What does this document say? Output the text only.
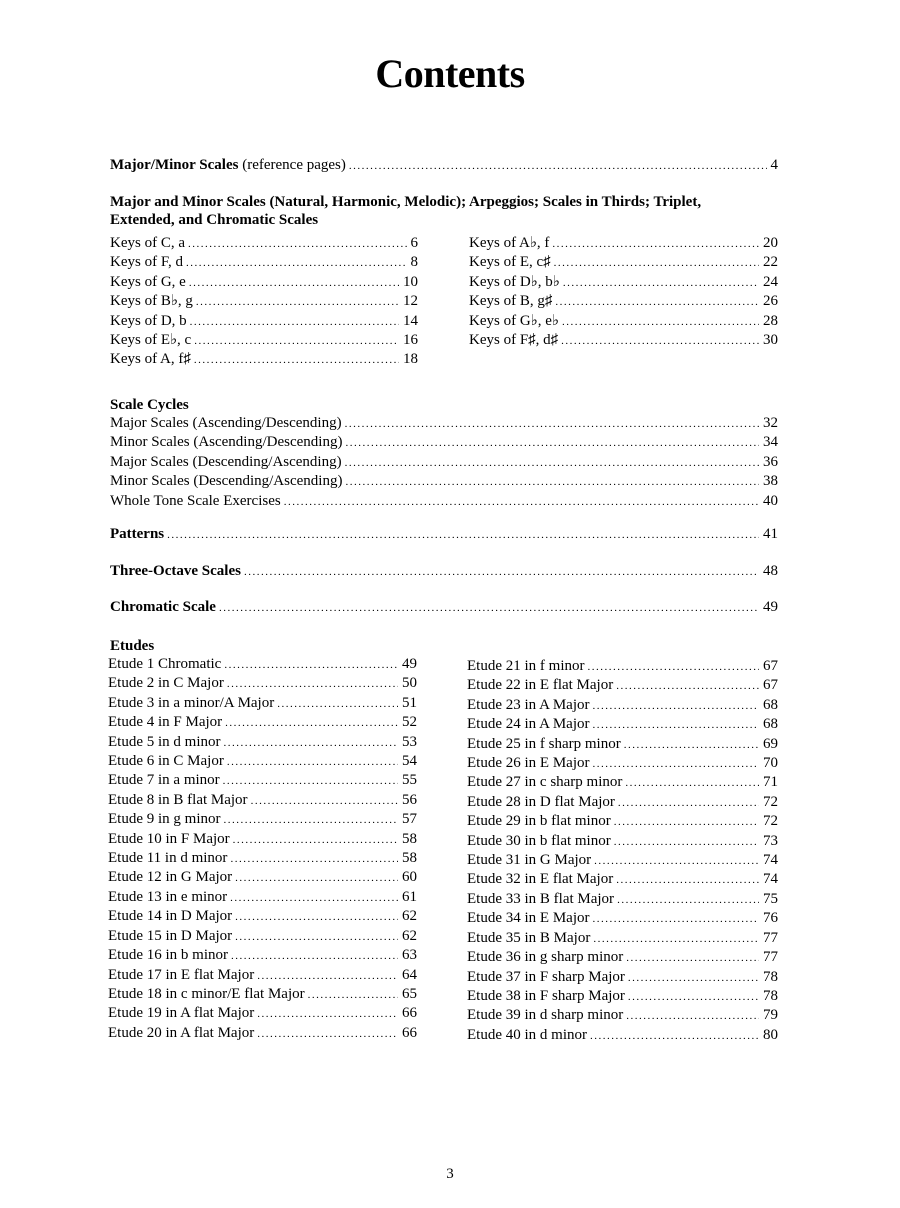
Contents
Major/Minor Scales (reference pages) .....	4
Major and Minor Scales (Natural, Harmonic, Melodic); Arpeggios; Scales in Thirds; Triplet,
Extended, and Chromatic Scales
Keys of C, a .....	6
Keys of F, d .....	8
Keys of G, e .....	10
Keys of B♭, g .....	12
Keys of D, b .....	14
Keys of E♭, c .....	16
Keys of A, f♯ .....	18
Keys of A♭, f .....	20
Keys of E, c♯ .....	22
Keys of D♭, b♭ .....	24
Keys of B, g♯ .....	26
Keys of G♭, e♭ .....	28
Keys of F♯, d♯ .....	30
Scale Cycles
Major Scales (Ascending/Descending) .....	32
Minor Scales (Ascending/Descending) .....	34
Major Scales (Descending/Ascending) .....	36
Minor Scales (Descending/Ascending) .....	38
Whole Tone Scale Exercises .....	40
Patterns .....	41
Three-Octave Scales .....	48
Chromatic Scale .....	49
Etudes
Etude 1 Chromatic .....	49
Etude 2 in C Major .....	50
Etude 3 in a minor/A Major .....	51
Etude 4 in F Major .....	52
Etude 5 in d minor .....	53
Etude 6 in C Major .....	54
Etude 7 in a minor .....	55
Etude 8 in B flat Major .....	56
Etude 9 in g minor .....	57
Etude 10 in F Major .....	58
Etude 11 in d minor .....	58
Etude 12 in G Major .....	60
Etude 13 in e minor .....	61
Etude 14 in D Major .....	62
Etude 15 in D Major .....	62
Etude 16 in b minor .....	63
Etude 17 in E flat Major .....	64
Etude 18 in c minor/E flat Major .....	65
Etude 19 in A flat Major .....	66
Etude 20 in A flat Major .....	66
Etude 21 in f minor .....	67
Etude 22 in E flat Major .....	67
Etude 23 in A Major .....	68
Etude 24 in A Major .....	68
Etude 25 in f sharp minor .....	69
Etude 26 in E Major .....	70
Etude 27 in c sharp minor .....	71
Etude 28 in D flat Major .....	72
Etude 29 in b flat minor .....	72
Etude 30 in b flat minor .....	73
Etude 31 in G Major .....	74
Etude 32 in E flat Major .....	74
Etude 33 in B flat Major .....	75
Etude 34 in E Major .....	76
Etude 35 in B Major .....	77
Etude 36 in g sharp minor .....	77
Etude 37 in F sharp Major .....	78
Etude 38 in F sharp Major .....	78
Etude 39 in d sharp minor .....	79
Etude 40 in d minor .....	80
3
